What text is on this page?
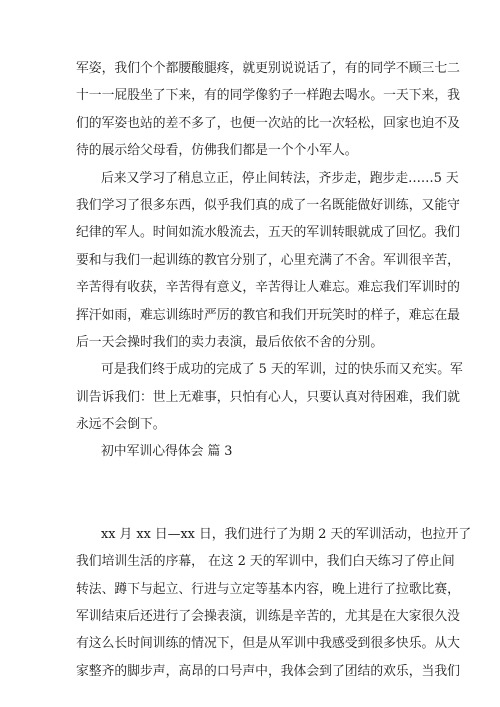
军姿，我们个个都腰酸腿疼，就更别说说话了，有的同学不顾三七二
十一一屁股坐了下来，有的同学像豹子一样跑去喝水。一天下来，我
们的军姿也站的差不多了，也便一次站的比一次轻松，回家也迫不及
待的展示给父母看，仿佛我们都是一个个小军人。
后来又学习了稍息立正，停止间转法，齐步走，跑步走……5 天
我们学习了很多东西，似乎我们真的成了一名既能做好训练，又能守
纪律的军人。时间如流水般流去，五天的军训转眼就成了回忆。我们
要和与我们一起训练的教官分别了，心里充满了不舍。军训很辛苦，
辛苦得有收获，辛苦得有意义，辛苦得让人难忘。难忘我们军训时的
挥汗如雨，难忘训练时严厉的教官和我们开玩笑时的样子，难忘在最
后一天会操时我们的卖力表演，最后依依不舍的分别。
可是我们终于成功的完成了 5 天的军训，过的快乐而又充实。军
训告诉我们：世上无难事，只怕有心人，只要认真对待困难，我们就
永远不会倒下。
初中军训心得体会 篇 3
xx 月 xx 日—xx 日，我们进行了为期 2 天的军训活动，也拉开了
我们培训生活的序幕， 在这 2 天的军训中，我们白天练习了停止间
转法、蹲下与起立、行进与立定等基本内容，晚上进行了拉歌比赛，
军训结束后还进行了会操表演，训练是辛苦的，尤其是在大家很久没
有这么长时间训练的情况下，但是从军训中我感受到很多快乐。从大
家整齐的脚步声，高昂的口号声中，我体会到了团结的欢乐，当我们
